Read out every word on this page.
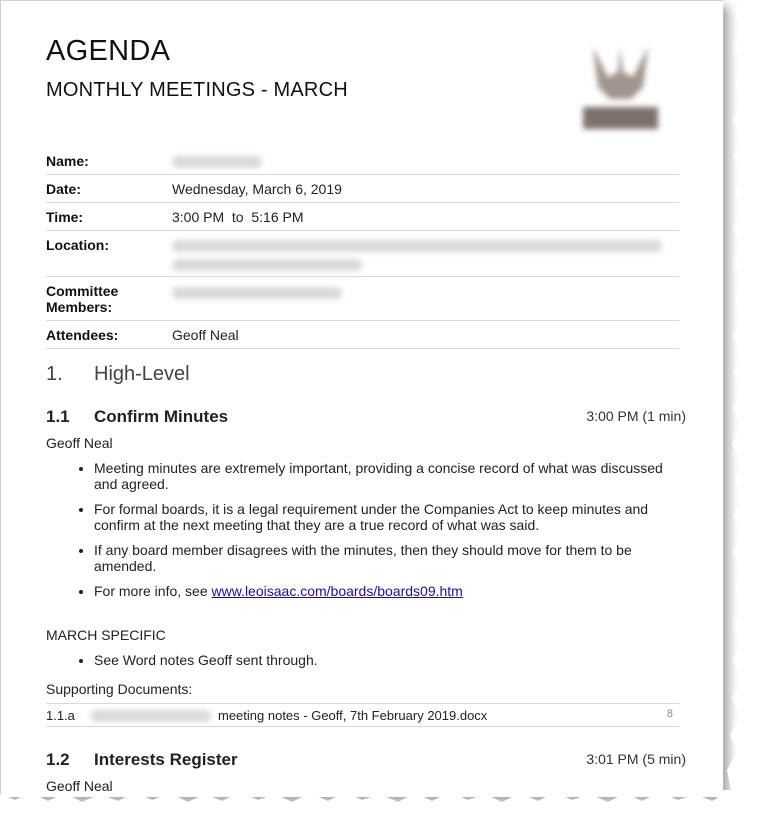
AGENDA
MONTHLY MEETINGS - MARCH
Name:	
Date:	Wednesday, March 6, 2019
Time:	3:00 PM  to  5:16 PM
Location:	

Committee Members:	
Attendees:	Geoff Neal
1. High-Level
1.1 Confirm Minutes	3:00 PM (1 min)
Geoff Neal
• Meeting minutes are extremely important, providing a concise record of what was discussed and agreed.
• For formal boards, it is a legal requirement under the Companies Act to keep minutes and confirm at the next meeting that they are a true record of what was said.
• If any board member disagrees with the minutes, then they should move for them to be amended.
• For more info, see www.leoisaac.com/boards/boards09.htm
MARCH SPECIFIC
• See Word notes Geoff sent through.
Supporting Documents:
1.1.a	meeting notes - Geoff, 7th February 2019.docx	8
1.2 Interests Register	3:01 PM (5 min)
Geoff Neal
